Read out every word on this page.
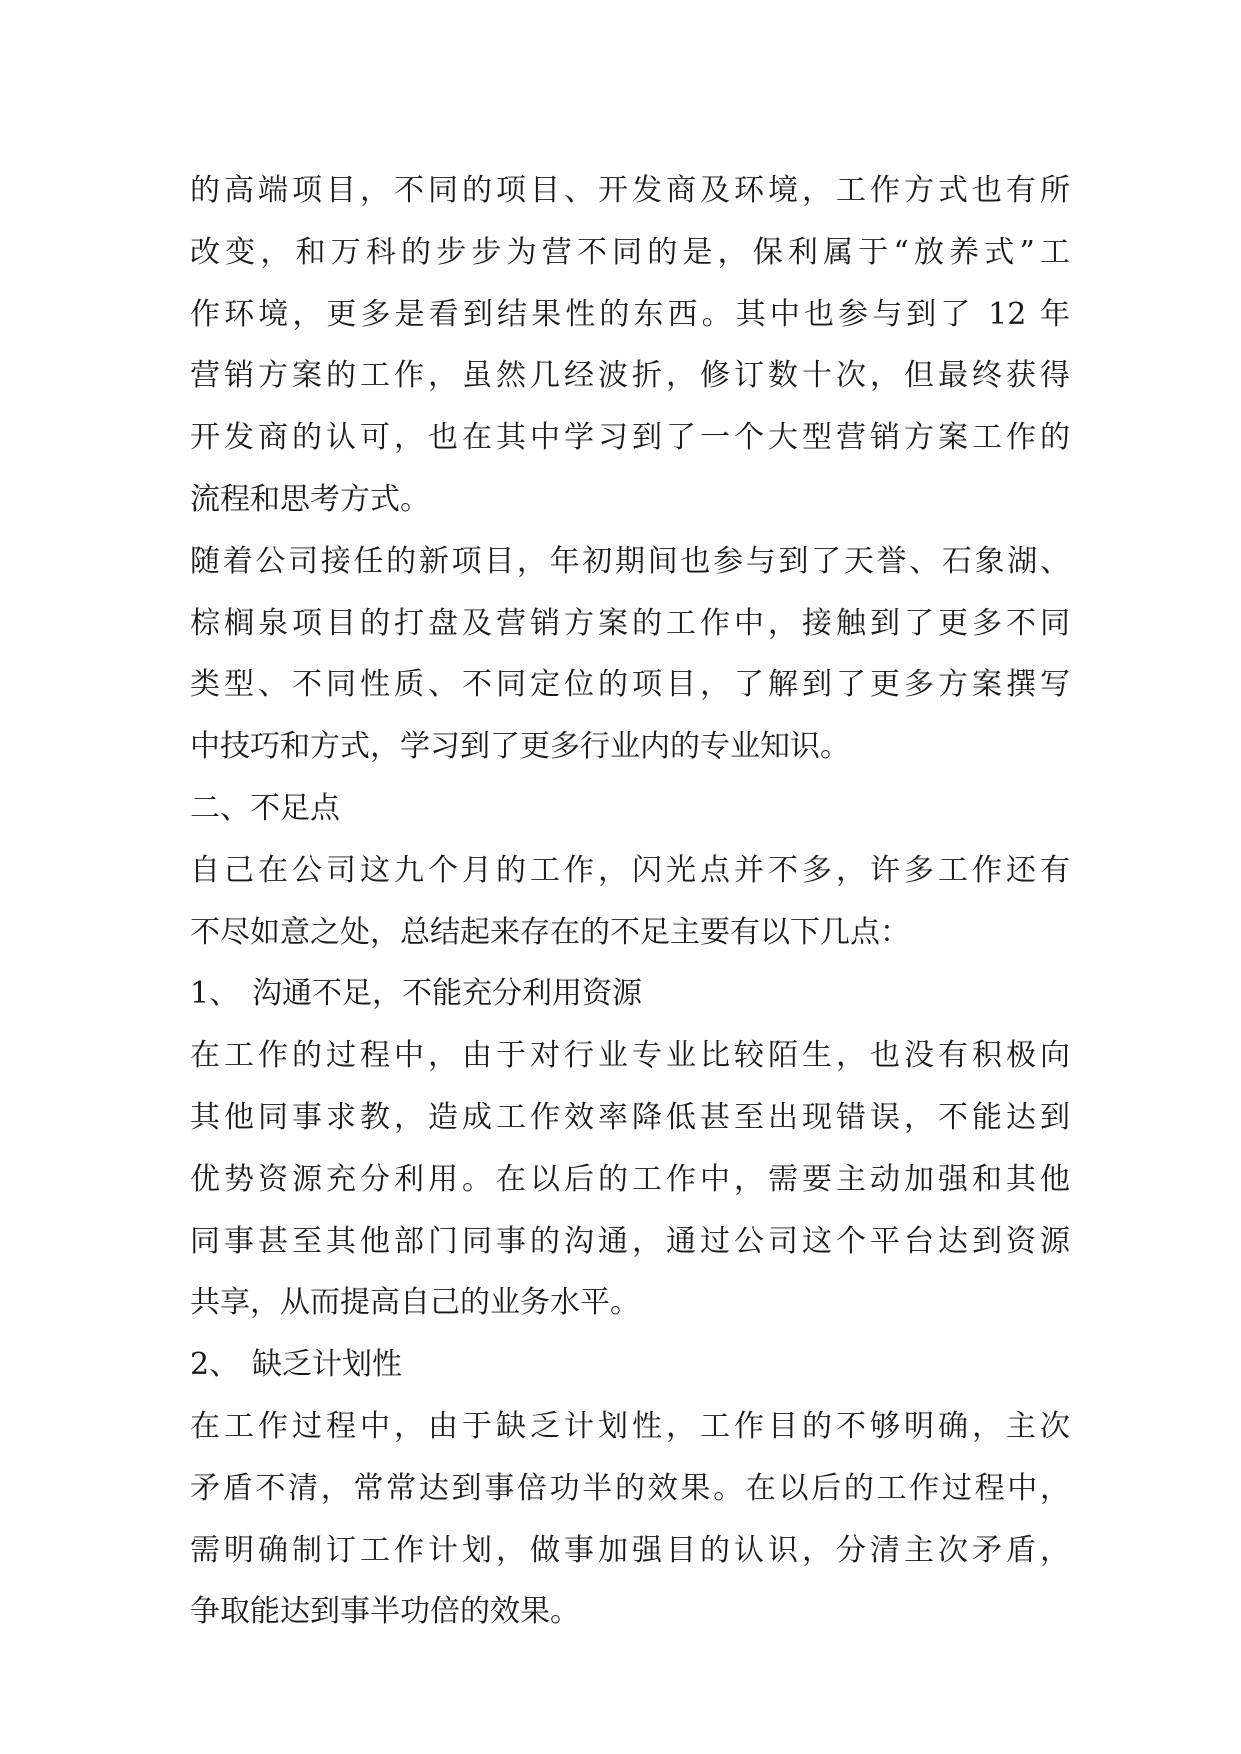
的高端项目，不同的项目、开发商及环境，工作方式也有所
改变，和万科的步步为营不同的是，保利属于“放养式”工
作环境，更多是看到结果性的东西。其中也参与到了 12 年
营销方案的工作，虽然几经波折，修订数十次，但最终获得
开发商的认可，也在其中学习到了一个大型营销方案工作的
流程和思考方式。
随着公司接任的新项目，年初期间也参与到了天誉、石象湖、
棕榈泉项目的打盘及营销方案的工作中，接触到了更多不同
类型、不同性质、不同定位的项目，了解到了更多方案撰写
中技巧和方式，学习到了更多行业内的专业知识。
二、不足点
自己在公司这九个月的工作，闪光点并不多，许多工作还有
不尽如意之处，总结起来存在的不足主要有以下几点：
1、 沟通不足，不能充分利用资源
在工作的过程中，由于对行业专业比较陌生，也没有积极向
其他同事求教，造成工作效率降低甚至出现错误，不能达到
优势资源充分利用。在以后的工作中，需要主动加强和其他
同事甚至其他部门同事的沟通，通过公司这个平台达到资源
共享，从而提高自己的业务水平。
2、 缺乏计划性
在工作过程中，由于缺乏计划性，工作目的不够明确，主次
矛盾不清，常常达到事倍功半的效果。在以后的工作过程中，
需明确制订工作计划，做事加强目的认识，分清主次矛盾，
争取能达到事半功倍的效果。
